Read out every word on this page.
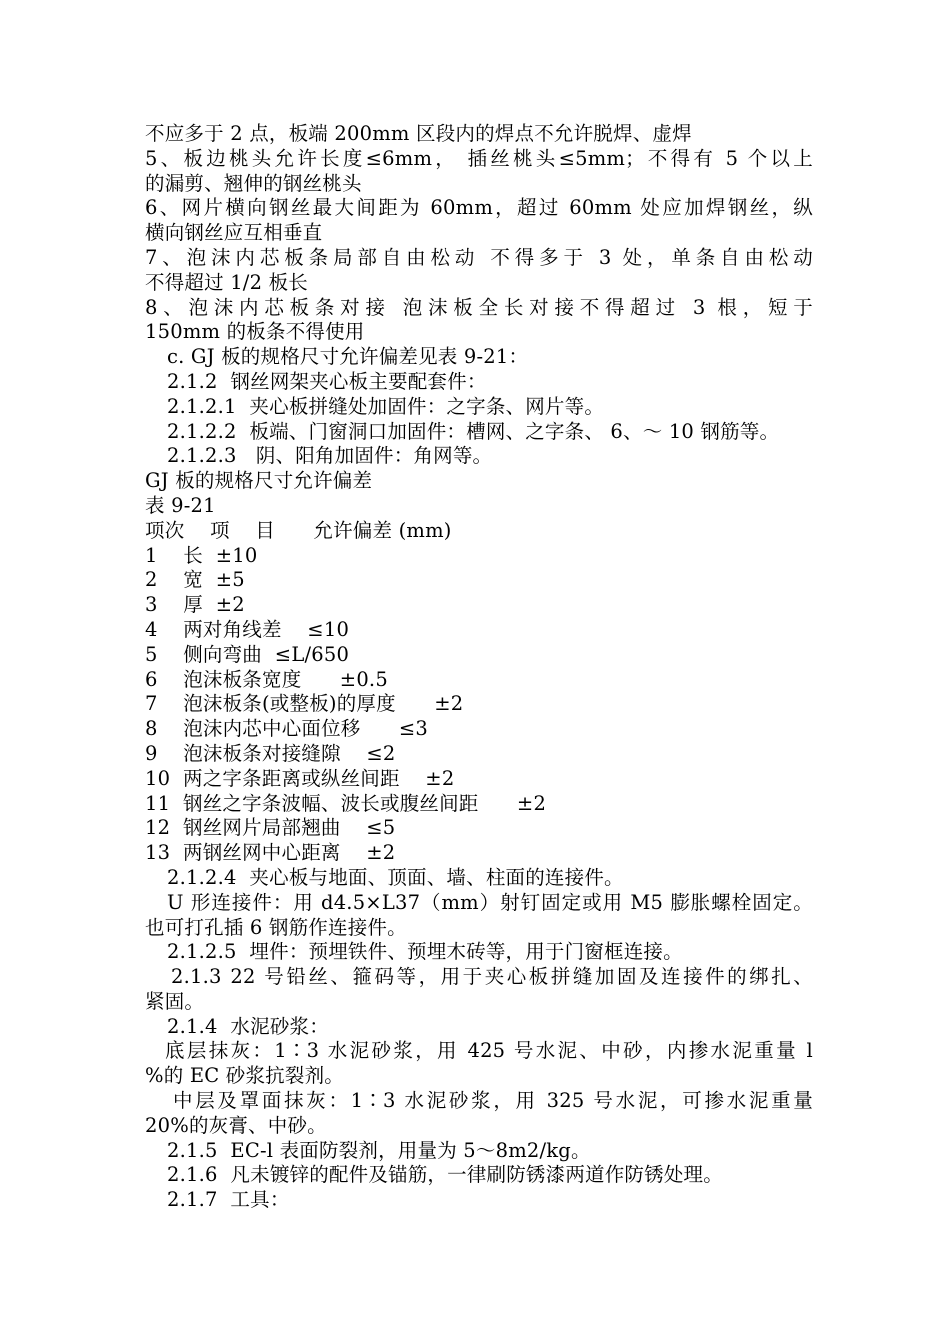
不应多于 2 点，板端 200mm 区段内的焊点不允许脱焊、虚焊
5、板边桃头允许长度≤6mm， 插丝桃头≤5mm；不得有 5 个以上
的漏剪、翘伸的钢丝桃头
6、网片横向钢丝最大间距为 60mm，超过 60mm 处应加焊钢丝，纵
横向钢丝应互相垂直
7、泡沫内芯板条局部自由松动 不得多于 3 处，单条自由松动
不得超过 1/2 板长
8、泡沫内芯板条对接 泡沫板全长对接不得超过 3 根，短于
150mm 的板条不得使用
c. GJ 板的规格尺寸允许偏差见表 9-21：
2.1.2  钢丝网架夹心板主要配套件：
2.1.2.1  夹心板拼缝处加固件：之字条、网片等。
2.1.2.2  板端、门窗洞口加固件：槽网、之字条、 6、～ 10 钢筋等。
2.1.2.3   阴、阳角加固件：角网等。
GJ 板的规格尺寸允许偏差
表 9-21
项次    项    目      允许偏差 (mm)
1    长  ±10
2    宽  ±5
3    厚  ±2
4    两对角线差    ≤10
5    侧向弯曲  ≤L/650
6    泡沫板条宽度      ±0.5
7    泡沫板条(或整板)的厚度      ±2
8    泡沫内芯中心面位移      ≤3
9    泡沫板条对接缝隙    ≤2
10  两之字条距离或纵丝间距    ±2
11  钢丝之字条波幅、波长或腹丝间距      ±2
12  钢丝网片局部翘曲    ≤5
13  两钢丝网中心距离    ±2
2.1.2.4  夹心板与地面、顶面、墙、柱面的连接件。
U 形连接件：用 d4.5×L37（mm）射钉固定或用 M5 膨胀螺栓固定。
也可打孔插 6 钢筋作连接件。
2.1.2.5  埋件：预埋铁件、预埋木砖等，用于门窗框连接。
2.1.3 22 号铅丝、箍码等，用于夹心板拼缝加固及连接件的绑扎、
紧固。
2.1.4  水泥砂浆：
底层抹灰：1∶3 水泥砂浆，用 425 号水泥、中砂，内掺水泥重量 l
%的 EC 砂浆抗裂剂。
中层及罩面抹灰：1∶3 水泥砂浆，用 325 号水泥，可掺水泥重量
20%的灰膏、中砂。
2.1.5  EC-l 表面防裂剂，用量为 5～8m2/kg。
2.1.6  凡未镀锌的配件及锚筋，一律刷防锈漆两道作防锈处理。
2.1.7  工具：
